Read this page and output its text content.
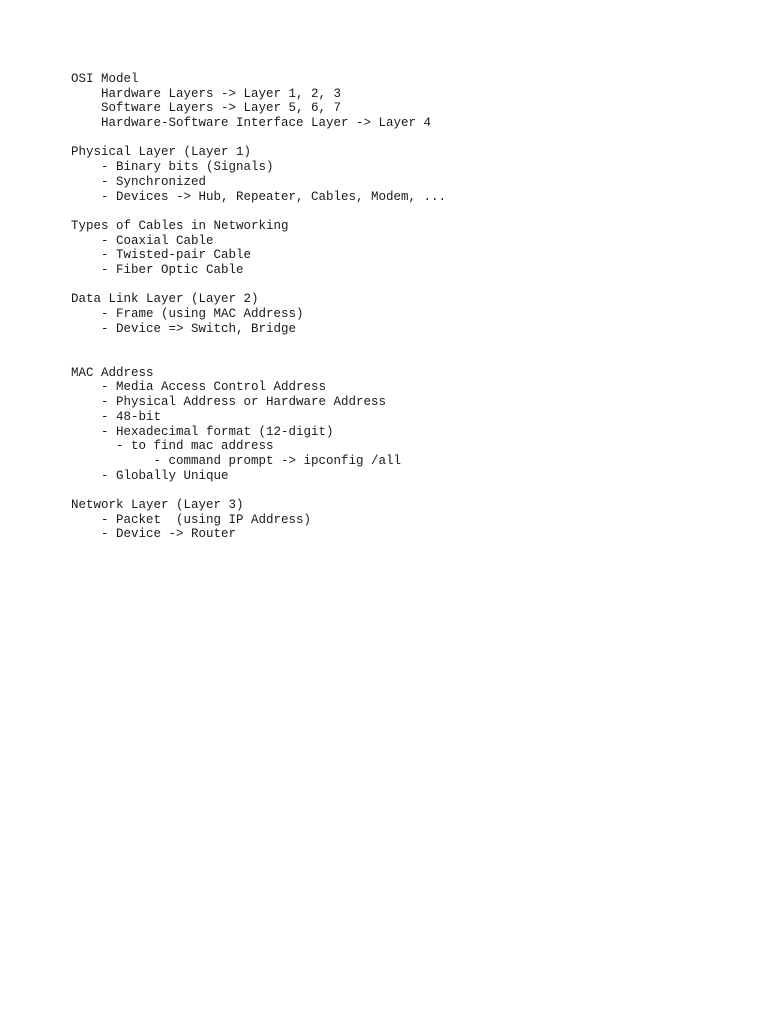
OSI Model
Hardware Layers -> Layer 1, 2, 3
Software Layers -> Layer 5, 6, 7
Hardware-Software Interface Layer -> Layer 4
Physical Layer (Layer 1)
- Binary bits (Signals)
- Synchronized
- Devices -> Hub, Repeater, Cables, Modem, ...
Types of Cables in Networking
- Coaxial Cable
- Twisted-pair Cable
- Fiber Optic Cable
Data Link Layer (Layer 2)
- Frame (using MAC Address)
- Device => Switch, Bridge
MAC Address
- Media Access Control Address
- Physical Address or Hardware Address
- 48-bit
- Hexadecimal format (12-digit)
- to find mac address
- command prompt -> ipconfig /all
- Globally Unique
Network Layer (Layer 3)
- Packet  (using IP Address)
- Device -> Router
